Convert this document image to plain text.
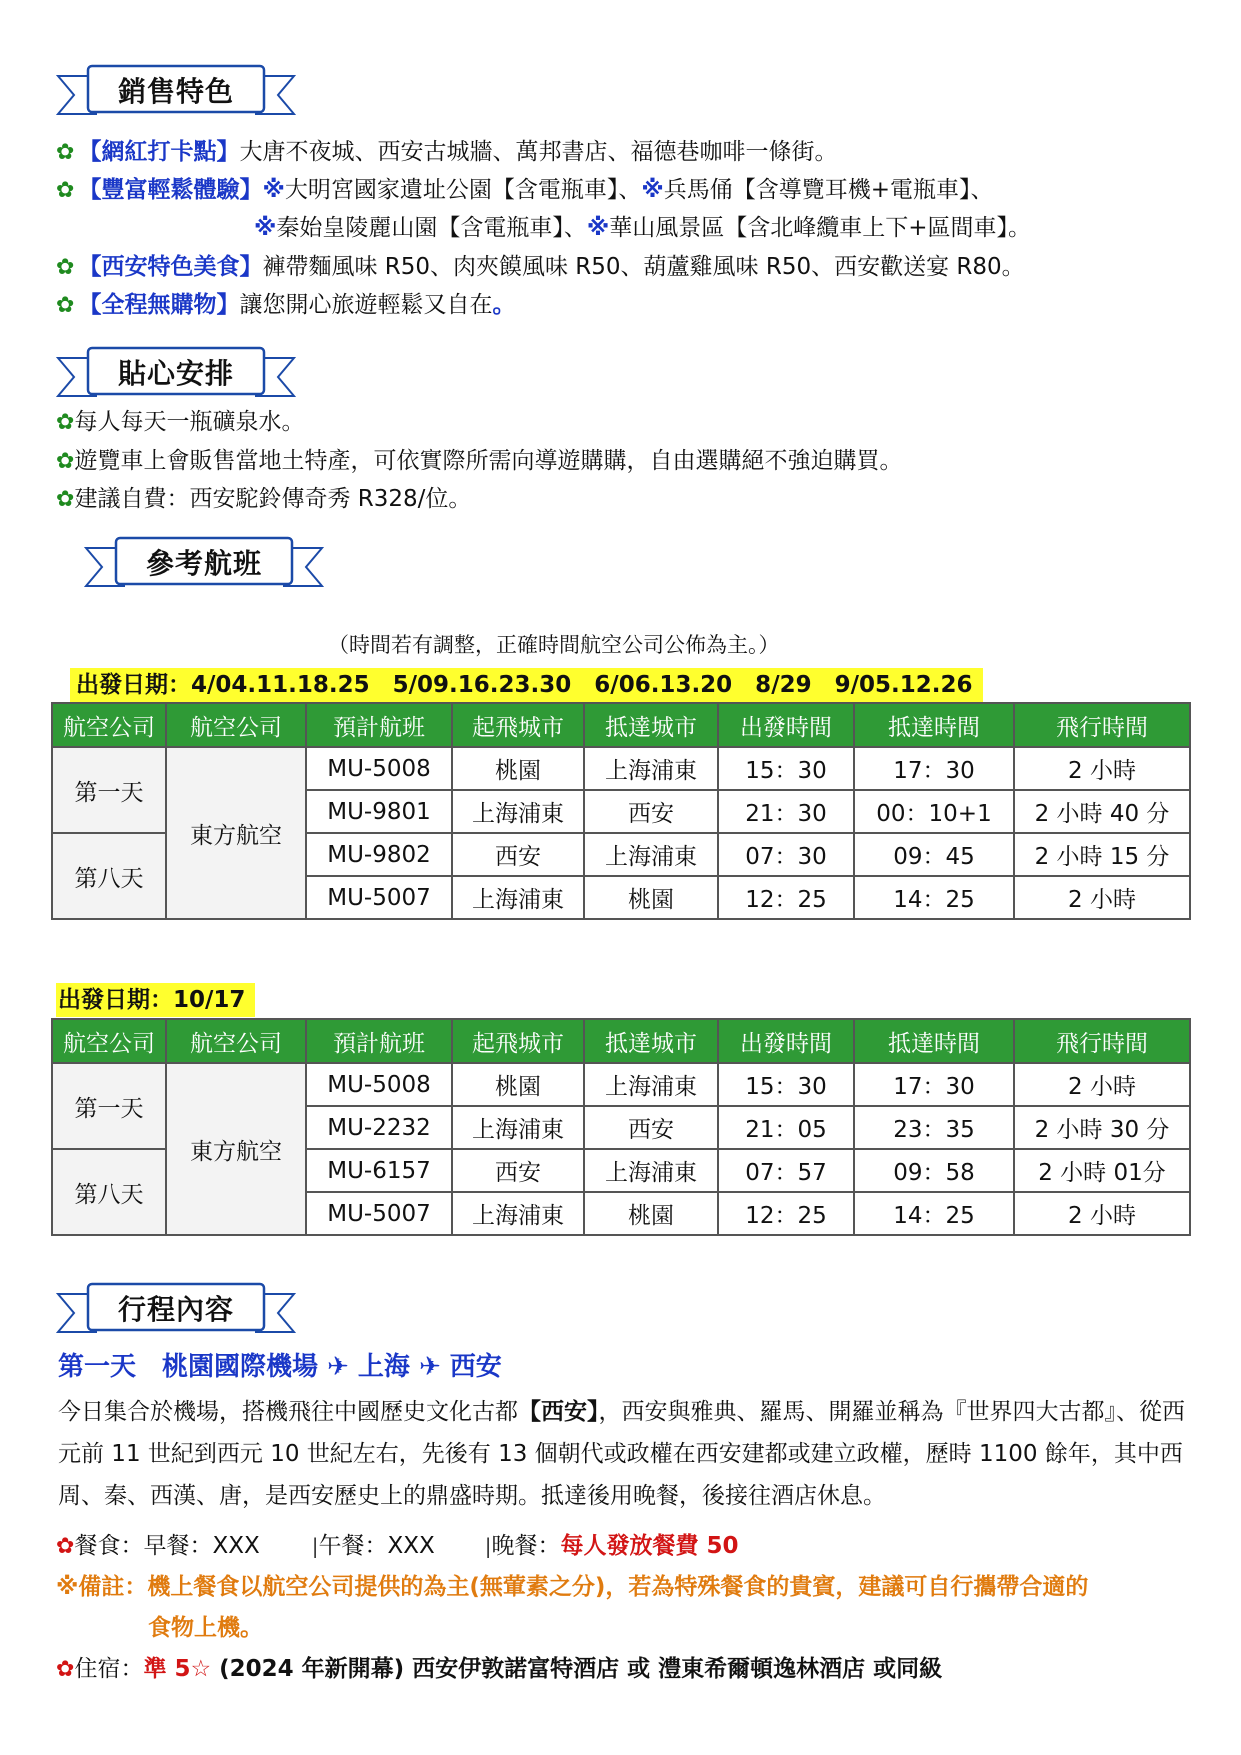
銷售特色
✿ 【網紅打卡點】大唐不夜城、西安古城牆、萬邦書店、福德巷咖啡一條街。
✿ 【豐富輕鬆體驗】※大明宮國家遺址公園【含電瓶車】、※兵馬俑【含導覽耳機+電瓶車】、
※秦始皇陵麗山園【含電瓶車】、※華山風景區【含北峰纜車上下+區間車】。
✿ 【西安特色美食】褲帶麵風味 R50、肉夾饃風味 R50、葫蘆雞風味 R50、西安歡送宴 R80。
✿ 【全程無購物】讓您開心旅遊輕鬆又自在。
貼心安排
✿每人每天一瓶礦泉水。
✿遊覽車上會販售當地土特產，可依實際所需向導遊購購，自由選購絕不強迫購買。
✿建議自費：西安駝鈴傳奇秀 R328/位。
參考航班
（時間若有調整，正確時間航空公司公佈為主。）
出發日期：4/04.11.18.25　5/09.16.23.30　6/06.13.20　8/29　9/05.12.26
航空公司	航空公司	預計航班	起飛城市	抵達城市	出發時間	抵達時間	飛行時間
第一天	東方航空	MU-5008	桃園	上海浦東	15：30	17：30	2 小時
		MU-9801	上海浦東	西安	21：30	00：10+1	2 小時 40 分
第八天		MU-9802	西安	上海浦東	07：30	09：45	2 小時 15 分
		MU-5007	上海浦東	桃園	12：25	14：25	2 小時
出發日期：10/17
航空公司	航空公司	預計航班	起飛城市	抵達城市	出發時間	抵達時間	飛行時間
第一天	東方航空	MU-5008	桃園	上海浦東	15：30	17：30	2 小時
		MU-2232	上海浦東	西安	21：05	23：35	2 小時 30 分
第八天		MU-6157	西安	上海浦東	07：57	09：58	2 小時 01分
		MU-5007	上海浦東	桃園	12：25	14：25	2 小時
行程內容
第一天　桃園國際機場 ✈ 上海 ✈ 西安
今日集合於機場，搭機飛往中國歷史文化古都【西安】，西安與雅典、羅馬、開羅並稱為『世界四大古都』、從西元前 11 世紀到西元 10 世紀左右，先後有 13 個朝代或政權在西安建都或建立政權，歷時 1100 餘年，其中西周、秦、西漢、唐，是西安歷史上的鼎盛時期。抵達後用晚餐，後接往酒店休息。
✿餐食：早餐：XXX	|午餐：XXX	|晚餐：每人發放餐費 50
※備註：機上餐食以航空公司提供的為主(無葷素之分)，若為特殊餐食的貴賓，建議可自行攜帶合適的
食物上機。
✿住宿：準 5☆ (2024 年新開幕) 西安伊敦諾富特酒店 或 澧東希爾頓逸林酒店 或同級
